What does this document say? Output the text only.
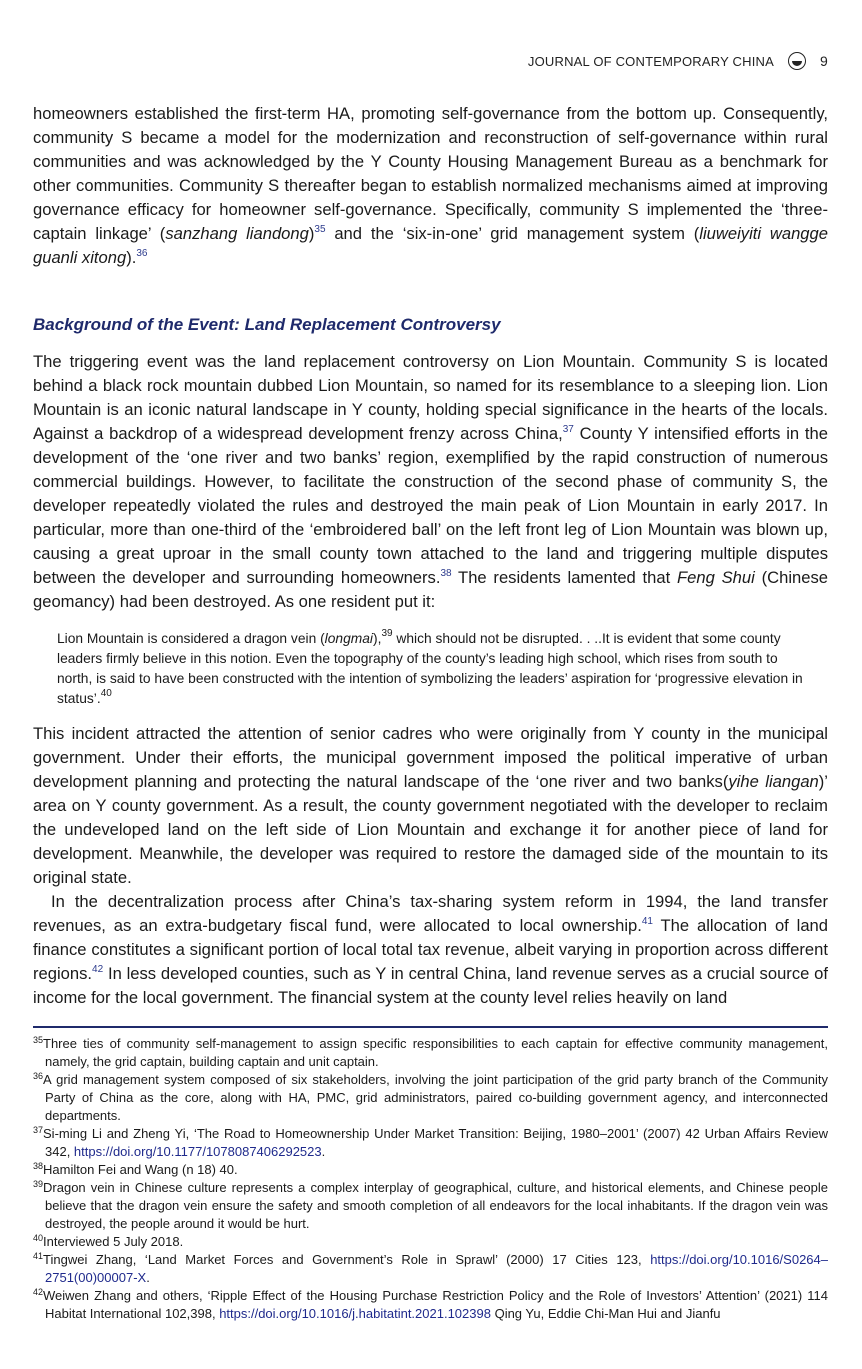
JOURNAL OF CONTEMPORARY CHINA	9

homeowners established the first-term HA, promoting self-governance from the bottom up. Consequently, community S became a model for the modernization and reconstruction of self-governance within rural communities and was acknowledged by the Y County Housing Management Bureau as a benchmark for other communities. Community S thereafter began to establish normalized mechanisms aimed at improving governance efficacy for homeowner self-governance. Specifically, community S implemented the ‘three-captain linkage’ (sanzhang liandong)$^{35}$ and the ‘six-in-one’ grid management system (liuweiyiti wangge guanli xitong).$^{36}$

Background of the Event: Land Replacement Controversy

The triggering event was the land replacement controversy on Lion Mountain. Community S is located behind a black rock mountain dubbed Lion Mountain, so named for its resemblance to a sleeping lion. Lion Mountain is an iconic natural landscape in Y county, holding special significance in the hearts of the locals. Against a backdrop of a widespread development frenzy across China,$^{37}$ County Y intensified efforts in the development of the ‘one river and two banks’ region, exemplified by the rapid construction of numerous commercial buildings. However, to facilitate the construction of the second phase of community S, the developer repeatedly violated the rules and destroyed the main peak of Lion Mountain in early 2017. In particular, more than one-third of the ‘embroidered ball’ on the left front leg of Lion Mountain was blown up, causing a great uproar in the small county town attached to the land and triggering multiple disputes between the developer and surrounding homeowners.$^{38}$ The residents lamented that Feng Shui (Chinese geomancy) had been destroyed. As one resident put it:

Lion Mountain is considered a dragon vein (longmai),$^{39}$ which should not be disrupted. . ..It is evident that some county leaders firmly believe in this notion. Even the topography of the county’s leading high school, which rises from south to north, is said to have been constructed with the intention of symbolizing the leaders’ aspiration for ‘progressive elevation in status’.$^{40}$

This incident attracted the attention of senior cadres who were originally from Y county in the municipal government. Under their efforts, the municipal government imposed the political imperative of urban development planning and protecting the natural landscape of the ‘one river and two banks(yihe liangan)’ area on Y county government. As a result, the county government negotiated with the developer to reclaim the undeveloped land on the left side of Lion Mountain and exchange it for another piece of land for development. Meanwhile, the developer was required to restore the damaged side of the mountain to its original state.

In the decentralization process after China’s tax-sharing system reform in 1994, the land transfer revenues, as an extra-budgetary fiscal fund, were allocated to local ownership.$^{41}$ The allocation of land finance constitutes a significant portion of local total tax revenue, albeit varying in proportion across different regions.$^{42}$ In less developed counties, such as Y in central China, land revenue serves as a crucial source of income for the local government. The financial system at the county level relies heavily on land

$^{35}$Three ties of community self-management to assign specific responsibilities to each captain for effective community management, namely, the grid captain, building captain and unit captain.

$^{36}$A grid management system composed of six stakeholders, involving the joint participation of the grid party branch of the Community Party of China as the core, along with HA, PMC, grid administrators, paired co-building government agency, and interconnected departments.

$^{37}$Si-ming Li and Zheng Yi, ‘The Road to Homeownership Under Market Transition: Beijing, 1980–2001’ (2007) 42 Urban Affairs Review 342, https://doi.org/10.1177/1078087406292523.

$^{38}$Hamilton Fei and Wang (n 18) 40.

$^{39}$Dragon vein in Chinese culture represents a complex interplay of geographical, culture, and historical elements, and Chinese people believe that the dragon vein ensure the safety and smooth completion of all endeavors for the local inhabitants. If the dragon vein was destroyed, the people around it would be hurt.

$^{40}$Interviewed 5 July 2018.

$^{41}$Tingwei Zhang, ‘Land Market Forces and Government’s Role in Sprawl’ (2000) 17 Cities 123, https://doi.org/10.1016/S0264–2751(00)00007-X.

$^{42}$Weiwen Zhang and others, ‘Ripple Effect of the Housing Purchase Restriction Policy and the Role of Investors’ Attention’ (2021) 114 Habitat International 102,398, https://doi.org/10.1016/j.habitatint.2021.102398 Qing Yu, Eddie Chi-Man Hui and Jianfu
